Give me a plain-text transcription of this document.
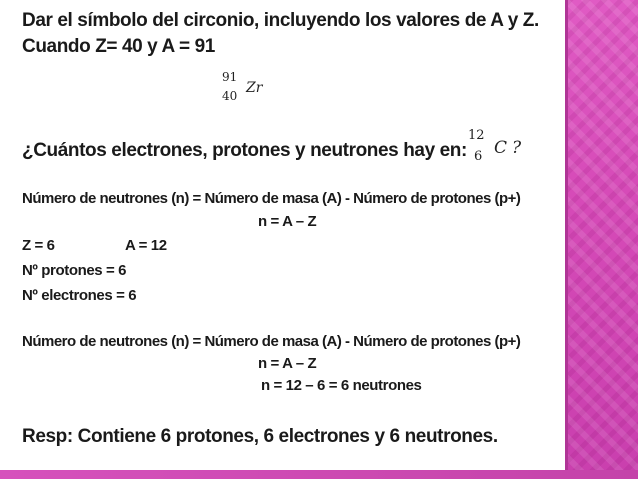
Dar el símbolo del circonio, incluyendo los valores de A y Z.
Cuando Z= 40 y A = 91
91
40 Zr
¿Cuántos electrones, protones y neutrones hay en:
12
6 C ?
Número de neutrones (n) = Número de masa (A) - Número de protones (p+)
n = A – Z
Z = 6	A = 12
Nº protones = 6
Nº electrones = 6
Número de neutrones (n) = Número de masa (A) - Número de protones (p+)
n = A – Z
n = 12 – 6 = 6 neutrones
Resp: Contiene 6 protones, 6 electrones y 6 neutrones.
